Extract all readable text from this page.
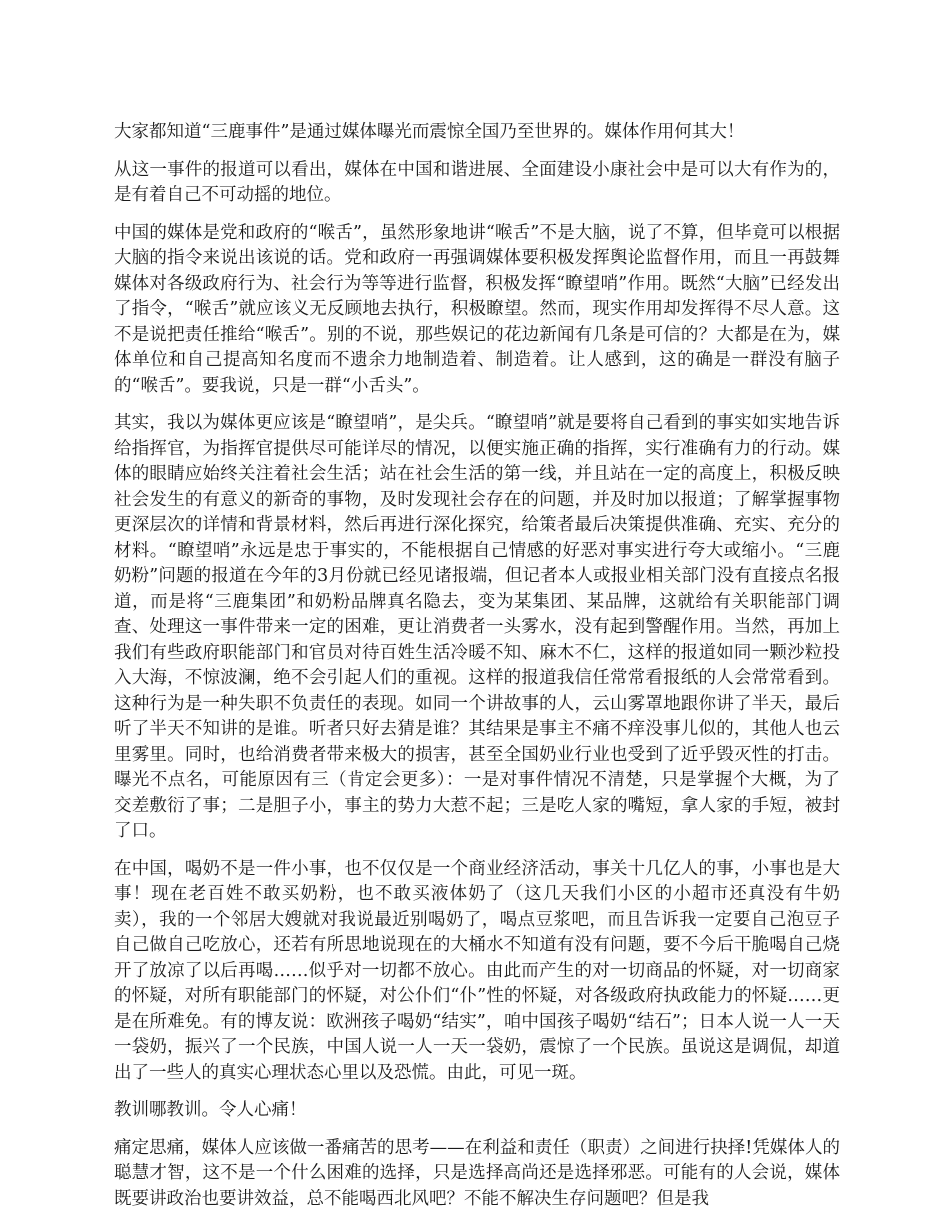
大家都知道“三鹿事件”是通过媒体曝光而震惊全国乃至世界的。媒体作用何其大！

从这一事件的报道可以看出，媒体在中国和谐进展、全面建设小康社会中是可以大有作为的，是有着自己不可动摇的地位。

中国的媒体是党和政府的“喉舌”，虽然形象地讲“喉舌”不是大脑，说了不算，但毕竟可以根据大脑的指令来说出该说的话。党和政府一再强调媒体要积极发挥舆论监督作用，而且一再鼓舞媒体对各级政府行为、社会行为等等进行监督，积极发挥“瞭望哨”作用。既然“大脑”已经发出了指令，“喉舌”就应该义无反顾地去执行，积极瞭望。然而，现实作用却发挥得不尽人意。这不是说把责任推给“喉舌”。别的不说，那些娱记的花边新闻有几条是可信的？大都是在为，媒体单位和自己提高知名度而不遗余力地制造着、制造着。让人感到，这的确是一群没有脑子的“喉舌”。要我说，只是一群“小舌头”。

其实，我以为媒体更应该是“瞭望哨”，是尖兵。“瞭望哨”就是要将自己看到的事实如实地告诉给指挥官，为指挥官提供尽可能详尽的情况，以便实施正确的指挥，实行准确有力的行动。媒体的眼睛应始终关注着社会生活；站在社会生活的第一线，并且站在一定的高度上，积极反映社会发生的有意义的新奇的事物，及时发现社会存在的问题，并及时加以报道；了解掌握事物更深层次的详情和背景材料，然后再进行深化探究，给策者最后决策提供准确、充实、充分的材料。“瞭望哨”永远是忠于事实的，不能根据自己情感的好恶对事实进行夸大或缩小。“三鹿奶粉”问题的报道在今年的3月份就已经见诸报端，但记者本人或报业相关部门没有直接点名报道，而是将“三鹿集团”和奶粉品牌真名隐去，变为某集团、某品牌，这就给有关职能部门调查、处理这一事件带来一定的困难，更让消费者一头雾水，没有起到警醒作用。当然，再加上我们有些政府职能部门和官员对待百姓生活冷暖不知、麻木不仁，这样的报道如同一颗沙粒投入大海，不惊波澜，绝不会引起人们的重视。这样的报道我信任常常看报纸的人会常常看到。这种行为是一种失职不负责任的表现。如同一个讲故事的人，云山雾罩地跟你讲了半天，最后听了半天不知讲的是谁。听者只好去猜是谁？其结果是事主不痛不痒没事儿似的，其他人也云里雾里。同时，也给消费者带来极大的损害，甚至全国奶业行业也受到了近乎毁灭性的打击。曝光不点名，可能原因有三（肯定会更多）：一是对事件情况不清楚，只是掌握个大概，为了交差敷衍了事；二是胆子小，事主的势力大惹不起；三是吃人家的嘴短，拿人家的手短，被封了口。

在中国，喝奶不是一件小事，也不仅仅是一个商业经济活动，事关十几亿人的事，小事也是大事！现在老百姓不敢买奶粉，也不敢买液体奶了（这几天我们小区的小超市还真没有牛奶卖），我的一个邻居大嫂就对我说最近别喝奶了，喝点豆浆吧，而且告诉我一定要自己泡豆子自己做自己吃放心，还若有所思地说现在的大桶水不知道有没有问题，要不今后干脆喝自己烧开了放凉了以后再喝……似乎对一切都不放心。由此而产生的对一切商品的怀疑，对一切商家的怀疑，对所有职能部门的怀疑，对公仆们“仆”性的怀疑，对各级政府执政能力的怀疑……更是在所难免。有的博友说：欧洲孩子喝奶“结实”，咱中国孩子喝奶“结石”；日本人说一人一天一袋奶，振兴了一个民族，中国人说一人一天一袋奶，震惊了一个民族。虽说这是调侃，却道出了一些人的真实心理状态心里以及恐慌。由此，可见一斑。

教训哪教训。令人心痛！

痛定思痛，媒体人应该做一番痛苦的思考——在利益和责任（职责）之间进行抉择!凭媒体人的聪慧才智，这不是一个什么困难的选择，只是选择高尚还是选择邪恶。可能有的人会说，媒体既要讲政治也要讲效益，总不能喝西北风吧？不能不解决生存问题吧？但是我
